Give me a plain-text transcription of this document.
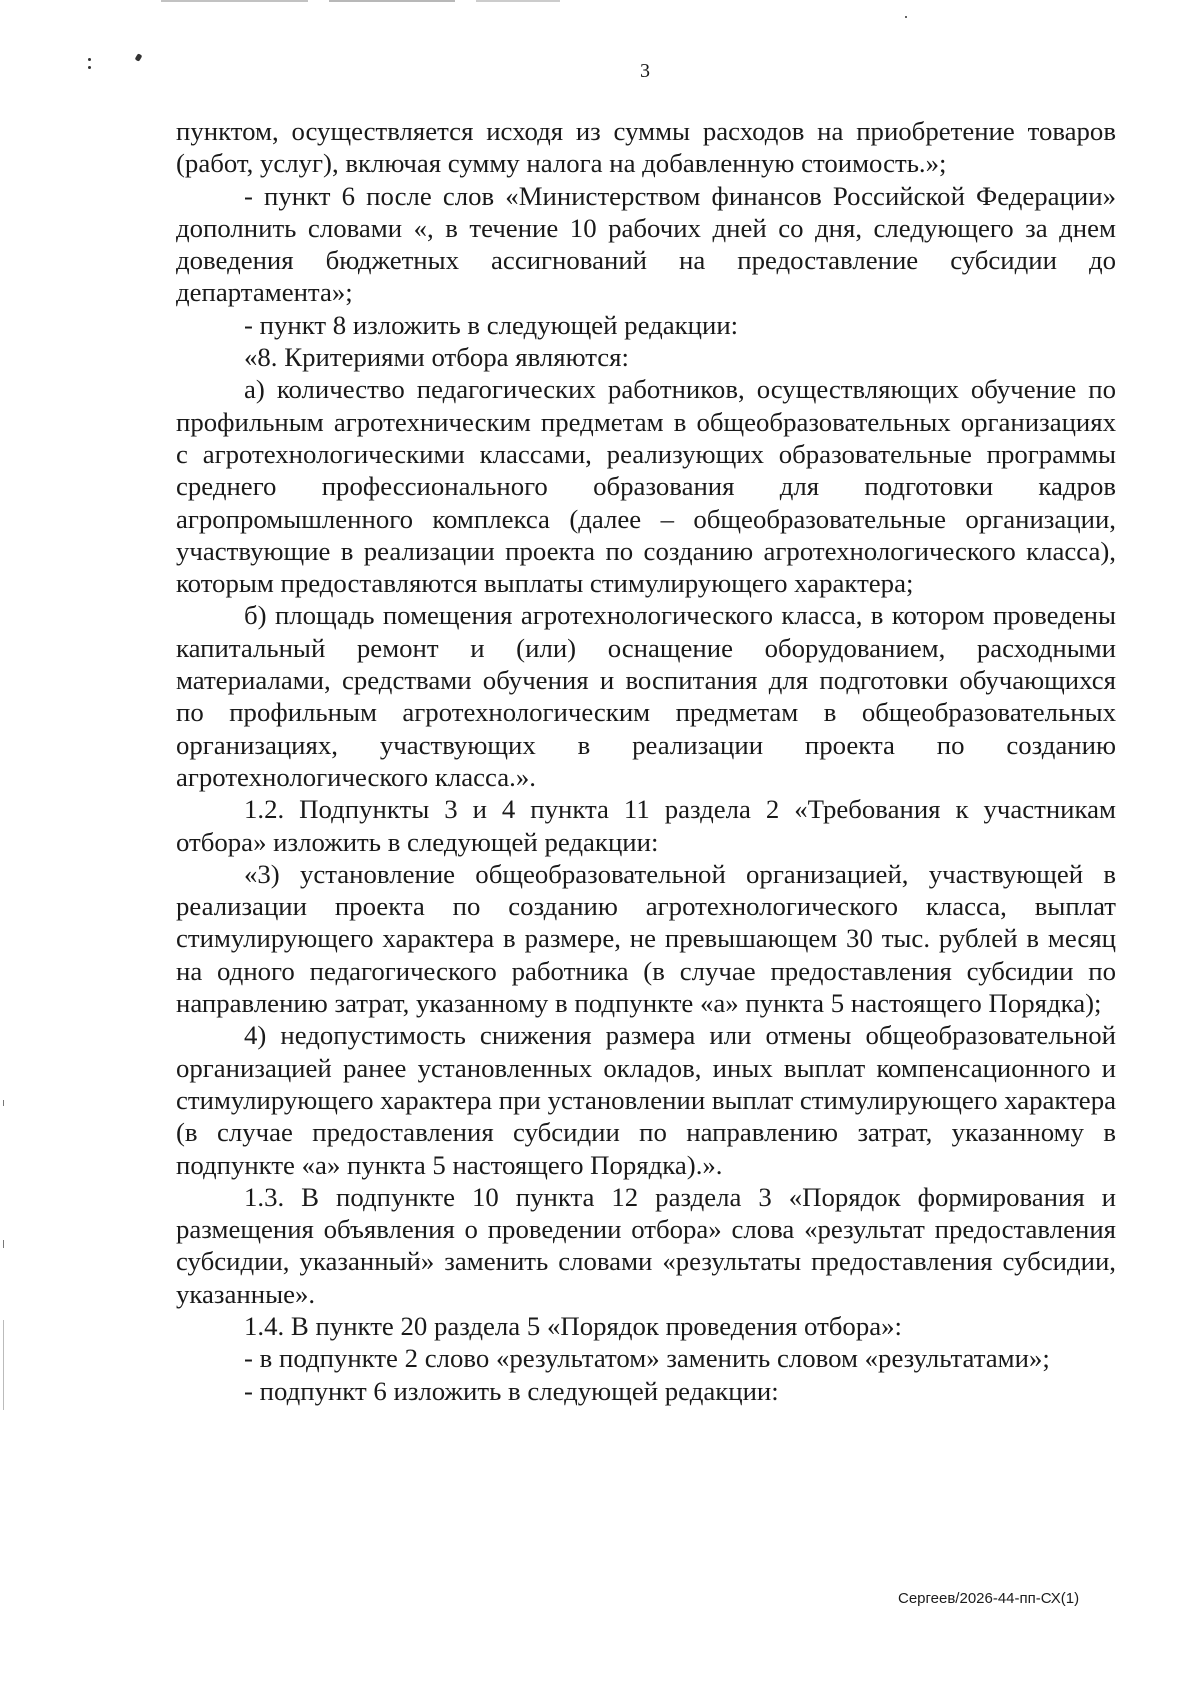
3

пунктом, осуществляется исходя из суммы расходов на приобретение товаров (работ, услуг), включая сумму налога на добавленную стоимость.»;

- пункт 6 после слов «Министерством финансов Российской Федерации» дополнить словами «, в течение 10 рабочих дней со дня, следующего за днем доведения бюджетных ассигнований на предоставление субсидии до департамента»;

- пункт 8 изложить в следующей редакции:

«8. Критериями отбора являются:

а) количество педагогических работников, осуществляющих обучение по профильным агротехническим предметам в общеобразовательных организациях с агротехнологическими классами, реализующих образовательные программы среднего профессионального образования для подготовки кадров агропромышленного комплекса (далее – общеобразовательные организации, участвующие в реализации проекта по созданию агротехнологического класса), которым предоставляются выплаты стимулирующего характера;

б) площадь помещения агротехнологического класса, в котором проведены капитальный ремонт и (или) оснащение оборудованием, расходными материалами, средствами обучения и воспитания для подготовки обучающихся по профильным агротехнологическим предметам в общеобразовательных организациях, участвующих в реализации проекта по созданию агротехнологического класса.».

1.2. Подпункты 3 и 4 пункта 11 раздела 2 «Требования к участникам отбора» изложить в следующей редакции:

«3) установление общеобразовательной организацией, участвующей в реализации проекта по созданию агротехнологического класса, выплат стимулирующего характера в размере, не превышающем 30 тыс. рублей в месяц на одного педагогического работника (в случае предоставления субсидии по направлению затрат, указанному в подпункте «а» пункта 5 настоящего Порядка);

4) недопустимость снижения размера или отмены общеобразовательной организацией ранее установленных окладов, иных выплат компенсационного и стимулирующего характера при установлении выплат стимулирующего характера (в случае предоставления субсидии по направлению затрат, указанному в подпункте «а» пункта 5 настоящего Порядка).».

1.3. В подпункте 10 пункта 12 раздела 3 «Порядок формирования и размещения объявления о проведении отбора» слова «результат предоставления субсидии, указанный» заменить словами «результаты предоставления субсидии, указанные».

1.4. В пункте 20 раздела 5 «Порядок проведения отбора»:

- в подпункте 2 слово «результатом» заменить словом «результатами»;

- подпункт 6 изложить в следующей редакции:

Сергеев/2026-44-пп-СХ(1)
